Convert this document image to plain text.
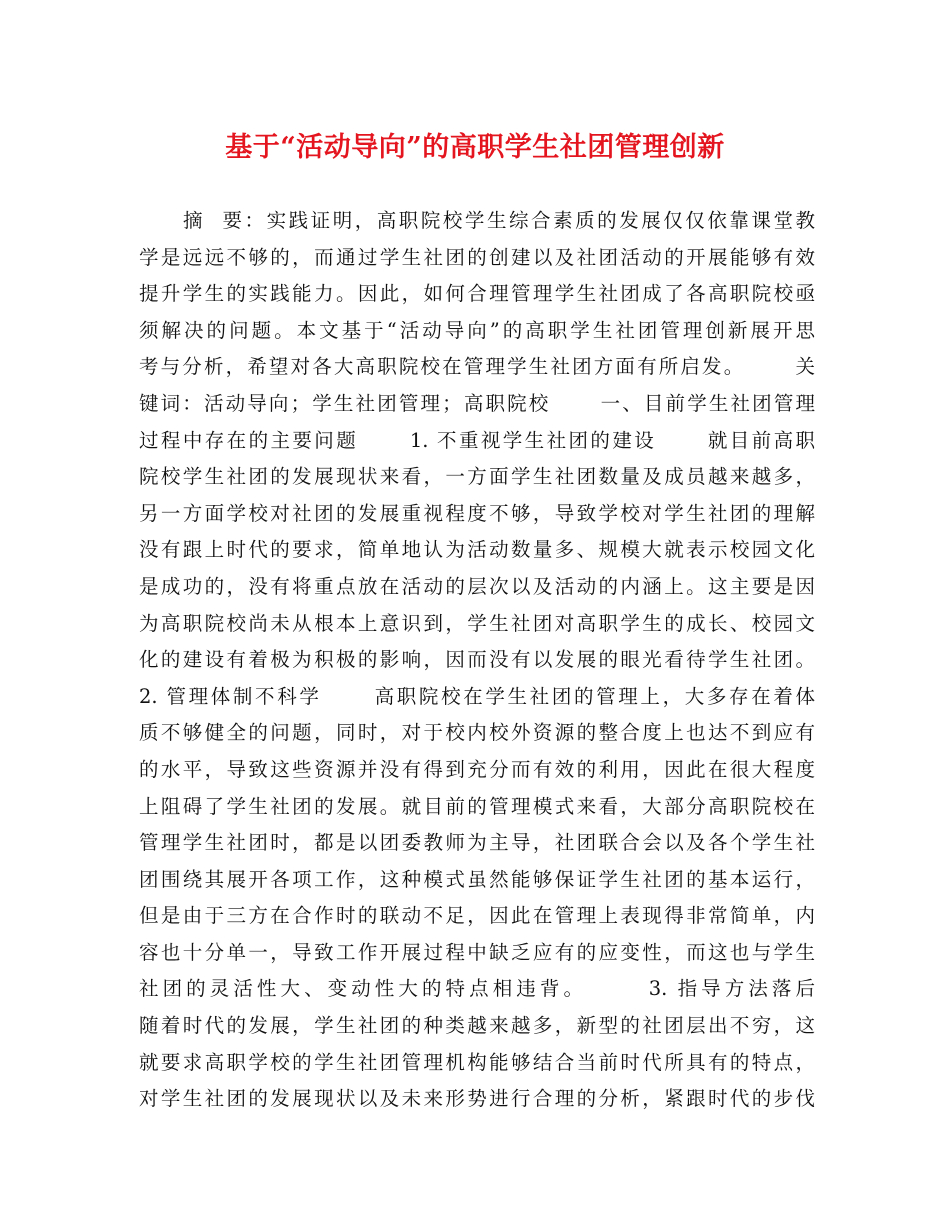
基于“活动导向”的高职学生社团管理创新
摘  要：实践证明，高职院校学生综合素质的发展仅仅依靠课堂教
学是远远不够的，而通过学生社团的创建以及社团活动的开展能够有效
提升学生的实践能力。因此，如何合理管理学生社团成了各高职院校亟
须解决的问题。本文基于“活动导向”的高职学生社团管理创新展开思
考与分析，希望对各大高职院校在管理学生社团方面有所启发。      关
键词：活动导向；学生社团管理；高职院校      一、目前学生社团管理
过程中存在的主要问题      1. 不重视学生社团的建设      就目前高职
院校学生社团的发展现状来看，一方面学生社团数量及成员越来越多，
另一方面学校对社团的发展重视程度不够，导致学校对学生社团的理解
没有跟上时代的要求，简单地认为活动数量多、规模大就表示校园文化
是成功的，没有将重点放在活动的层次以及活动的内涵上。这主要是因
为高职院校尚未从根本上意识到，学生社团对高职学生的成长、校园文
化的建设有着极为积极的影响，因而没有以发展的眼光看待学生社团。
2. 管理体制不科学      高职院校在学生社团的管理上，大多存在着体
质不够健全的问题，同时，对于校内校外资源的整合度上也达不到应有
的水平，导致这些资源并没有得到充分而有效的利用，因此在很大程度
上阻碍了学生社团的发展。就目前的管理模式来看，大部分高职院校在
管理学生社团时，都是以团委教师为主导，社团联合会以及各个学生社
团围绕其展开各项工作，这种模式虽然能够保证学生社团的基本运行，
但是由于三方在合作时的联动不足，因此在管理上表现得非常简单，内
容也十分单一，导致工作开展过程中缺乏应有的应变性，而这也与学生
社团的灵活性大、变动性大的特点相违背。      3. 指导方法落后
随着时代的发展，学生社团的种类越来越多，新型的社团层出不穷，这
就要求高职学校的学生社团管理机构能够结合当前时代所具有的特点，
对学生社团的发展现状以及未来形势进行合理的分析，紧跟时代的步伐
